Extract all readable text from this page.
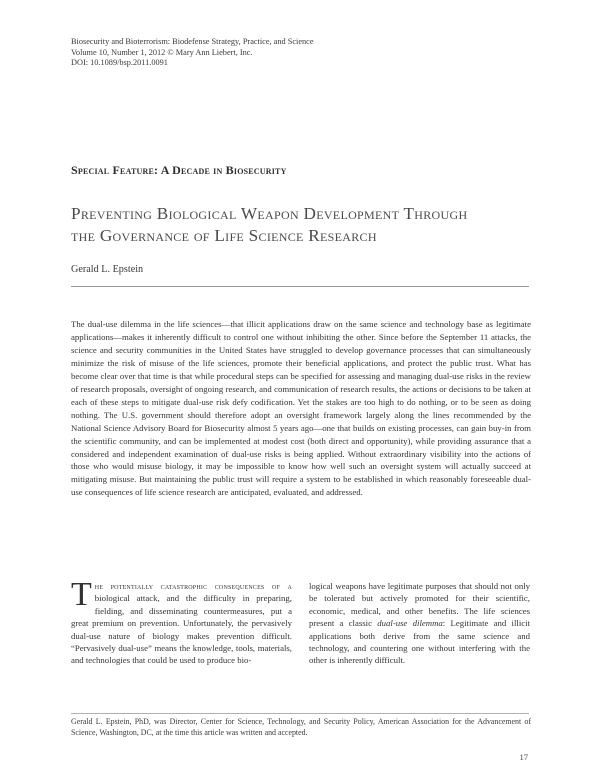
Biosecurity and Bioterrorism: Biodefense Strategy, Practice, and Science
Volume 10, Number 1, 2012 © Mary Ann Liebert, Inc.
DOI: 10.1089/bsp.2011.0091
Special Feature: A Decade in Biosecurity
Preventing Biological Weapon Development Through
the Governance of Life Science Research
Gerald L. Epstein
The dual-use dilemma in the life sciences—that illicit applications draw on the same science and technology base as legitimate applications—makes it inherently difficult to control one without inhibiting the other. Since before the September 11 attacks, the science and security communities in the United States have struggled to develop governance processes that can simultaneously minimize the risk of misuse of the life sciences, promote their beneficial applications, and protect the public trust. What has become clear over that time is that while procedural steps can be specified for assessing and managing dual-use risks in the review of research proposals, oversight of ongoing research, and communication of research results, the actions or decisions to be taken at each of these steps to mitigate dual-use risk defy codification. Yet the stakes are too high to do nothing, or to be seen as doing nothing. The U.S. government should therefore adopt an oversight framework largely along the lines recommended by the National Science Advisory Board for Biosecurity almost 5 years ago—one that builds on existing processes, can gain buy-in from the scientific community, and can be implemented at modest cost (both direct and opportunity), while providing assurance that a considered and independent examination of dual-use risks is being applied. Without extraordinary visibility into the actions of those who would misuse biology, it may be impossible to know how well such an oversight system will actually succeed at mitigating misuse. But maintaining the public trust will require a system to be established in which reasonably foreseeable dual-use consequences of life science research are anticipated, evaluated, and addressed.
The potentially catastrophic consequences of a biological attack, and the difficulty in preparing, fielding, and disseminating countermeasures, put a great premium on prevention. Unfortunately, the pervasively dual-use nature of biology makes prevention difficult. “Pervasively dual-use” means the knowledge, tools, materials, and technologies that could be used to produce bio-
logical weapons have legitimate purposes that should not only be tolerated but actively promoted for their scientific, economic, medical, and other benefits. The life sciences present a classic dual-use dilemma: Legitimate and illicit applications both derive from the same science and technology, and countering one without interfering with the other is inherently difficult.
Gerald L. Epstein, PhD, was Director, Center for Science, Technology, and Security Policy, American Association for the Advancement of Science, Washington, DC, at the time this article was written and accepted.
17
